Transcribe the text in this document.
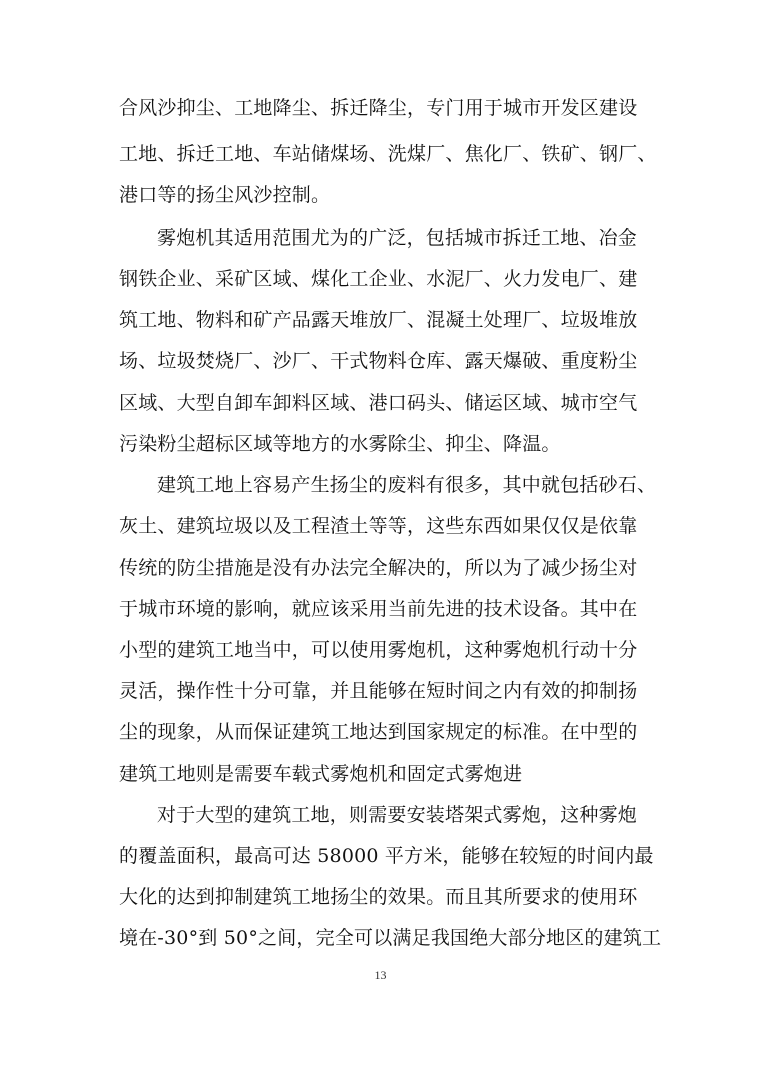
合风沙抑尘、工地降尘、拆迁降尘，专门用于城市开发区建设
工地、拆迁工地、车站储煤场、洗煤厂、焦化厂、铁矿、钢厂、
港口等的扬尘风沙控制。
雾炮机其适用范围尤为的广泛，包括城市拆迁工地、冶金
钢铁企业、采矿区域、煤化工企业、水泥厂、火力发电厂、建
筑工地、物料和矿产品露天堆放厂、混凝土处理厂、垃圾堆放
场、垃圾焚烧厂、沙厂、干式物料仓库、露天爆破、重度粉尘
区域、大型自卸车卸料区域、港口码头、储运区域、城市空气
污染粉尘超标区域等地方的水雾除尘、抑尘、降温。
建筑工地上容易产生扬尘的废料有很多，其中就包括砂石、
灰土、建筑垃圾以及工程渣土等等，这些东西如果仅仅是依靠
传统的防尘措施是没有办法完全解决的，所以为了减少扬尘对
于城市环境的影响，就应该采用当前先进的技术设备。其中在
小型的建筑工地当中，可以使用雾炮机，这种雾炮机行动十分
灵活，操作性十分可靠，并且能够在短时间之内有效的抑制扬
尘的现象，从而保证建筑工地达到国家规定的标准。在中型的
建筑工地则是需要车载式雾炮机和固定式雾炮进
对于大型的建筑工地，则需要安装塔架式雾炮，这种雾炮
的覆盖面积，最高可达 58000 平方米，能够在较短的时间内最
大化的达到抑制建筑工地扬尘的效果。而且其所要求的使用环
境在-30°到 50°之间，完全可以满足我国绝大部分地区的建筑工
13
